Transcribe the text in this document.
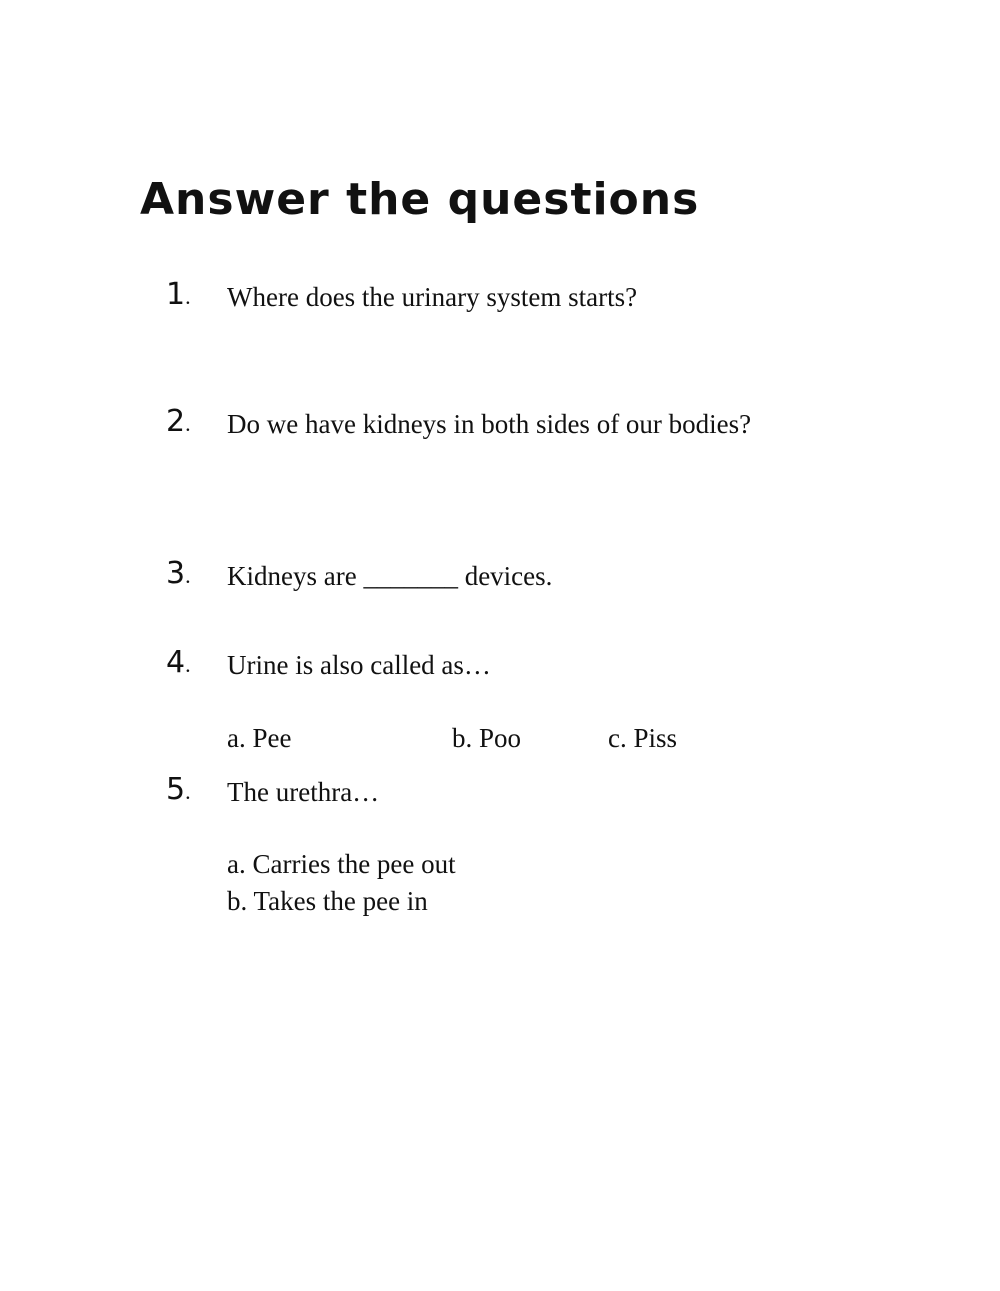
Answer the questions
1. Where does the urinary system starts?
2. Do we have kidneys in both sides of our bodies?
3. Kidneys are _______ devices.
4. Urine is also called as…
a. Pee	b. Poo	c. Piss
5. The urethra…
a. Carries the pee out
b. Takes the pee in
